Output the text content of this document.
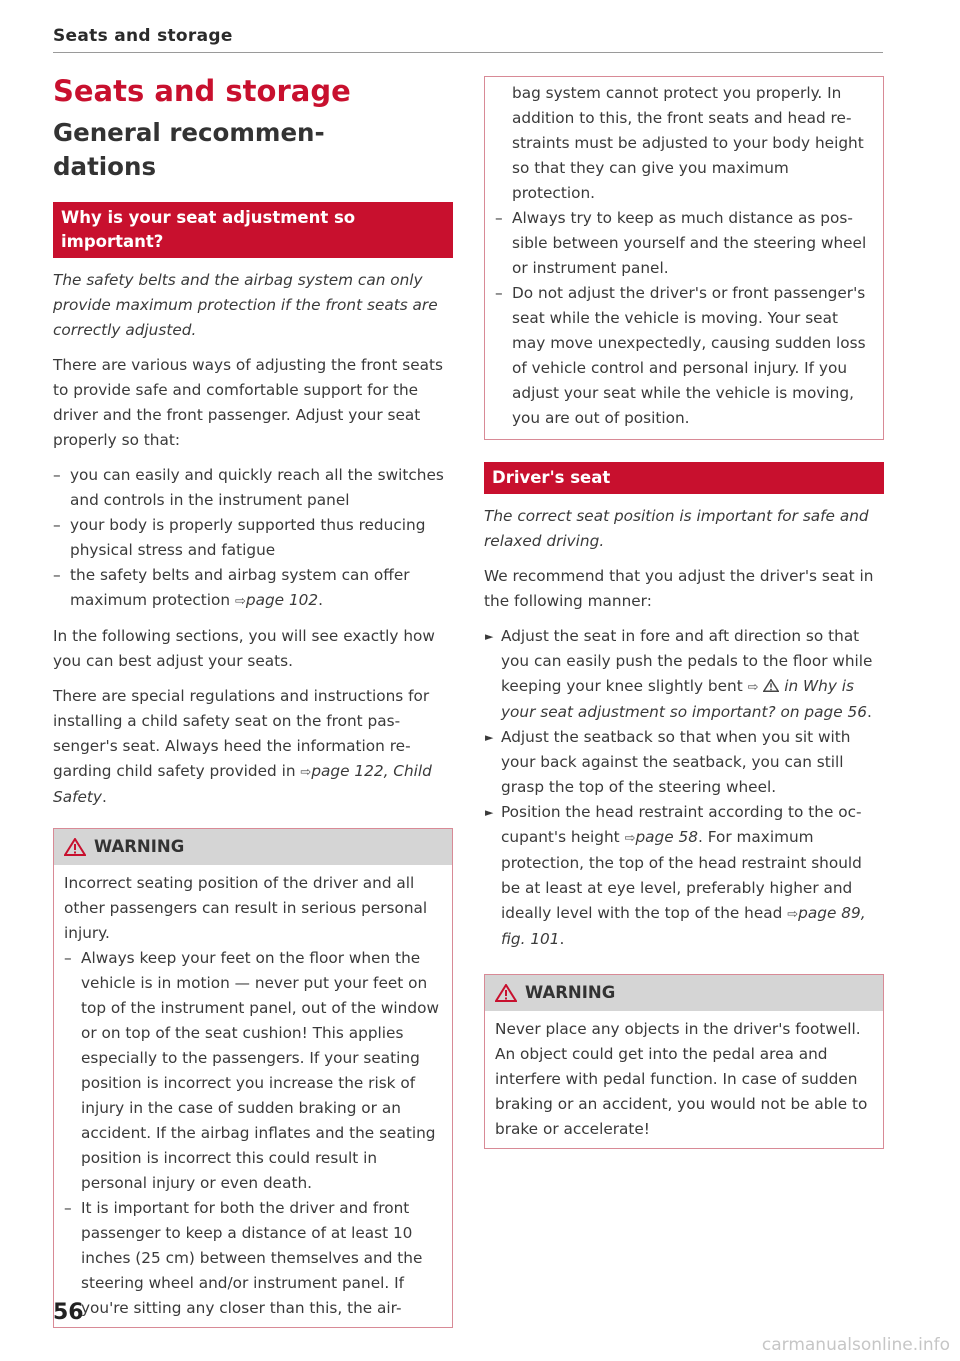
Seats and storage
Seats and storage
General recommen-
dations
Why is your seat adjustment so important?

The safety belts and the airbag system can only provide maximum protection if the front seats are correctly adjusted.

There are various ways of adjusting the front seats to provide safe and comfortable support for the driver and the front passenger. Adjust your seat properly so that:

– you can easily and quickly reach all the switches and controls in the instrument panel
– your body is properly supported thus reducing physical stress and fatigue
– the safety belts and airbag system can offer maximum protection ⇨page 102.

In the following sections, you will see exactly how you can best adjust your seats.

There are special regulations and instructions for installing a child safety seat on the front passenger's seat. Always heed the information regarding child safety provided in ⇨page 122, Child Safety.

WARNING

Incorrect seating position of the driver and all other passengers can result in serious personal injury.

– Always keep your feet on the floor when the vehicle is in motion — never put your feet on top of the instrument panel, out of the window or on top of the seat cushion! This applies especially to the passengers. If your seating position is incorrect you increase the risk of injury in the case of sudden braking or an accident. If the airbag inflates and the seating position is incorrect this could result in personal injury or even death.
– It is important for both the driver and front passenger to keep a distance of at least 10 inches (25 cm) between themselves and the steering wheel and/or instrument panel. If you're sitting any closer than this, the air-

bag system cannot protect you properly. In addition to this, the front seats and head restraints must be adjusted to your body height so that they can give you maximum protection.

– Always try to keep as much distance as possible between yourself and the steering wheel or instrument panel.
– Do not adjust the driver's or front passenger's seat while the vehicle is moving. Your seat may move unexpectedly, causing sudden loss of vehicle control and personal injury. If you adjust your seat while the vehicle is moving, you are out of position.
Driver's seat

The correct seat position is important for safe and relaxed driving.

We recommend that you adjust the driver's seat in the following manner:

► Adjust the seat in fore and aft direction so that you can easily push the pedals to the floor while keeping your knee slightly bent ⇨ in Why is your seat adjustment so important? on page 56.
► Adjust the seatback so that when you sit with your back against the seatback, you can still grasp the top of the steering wheel.
► Position the head restraint according to the occupant's height ⇨page 58. For maximum protection, the top of the head restraint should be at least at eye level, preferably higher and ideally level with the top of the head ⇨page 89, fig. 101.
WARNING

Never place any objects in the driver's footwell. An object could get into the pedal area and interfere with pedal function. In case of sudden braking or an accident, you would not be able to brake or accelerate!

56
carmanualsonline.info
